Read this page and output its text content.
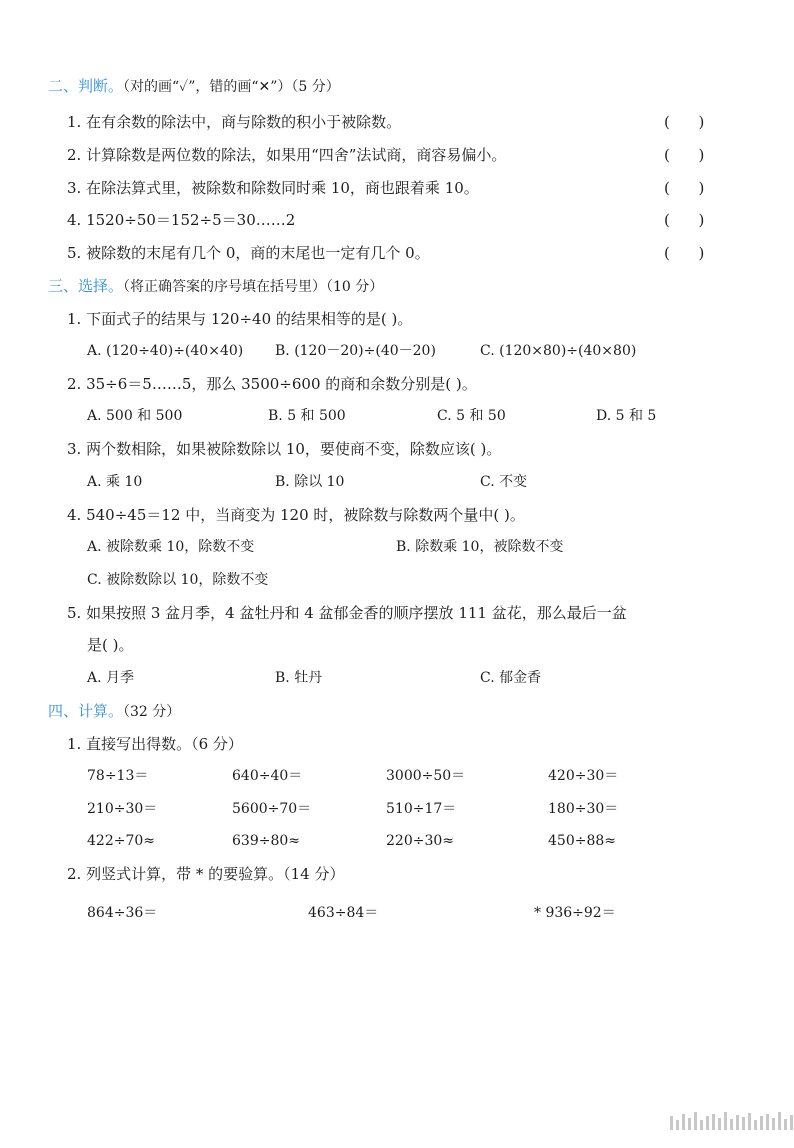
二、判断。（对的画“✓”，错的画“✕”）（5 分）
1. 在有余数的除法中，商与除数的积小于被除数。	(      )
2. 计算除数是两位数的除法，如果用“四舍”法试商，商容易偏小。	(      )
3. 在除法算式里，被除数和除数同时乘 10，商也跟着乘 10。	(      )
4. 1520÷50＝152÷5＝30……2	(      )
5. 被除数的末尾有几个 0，商的末尾也一定有几个 0。	(      )
三、选择。（将正确答案的序号填在括号里）（10 分）
1. 下面式子的结果与 120÷40 的结果相等的是( )。
A. (120÷40)÷(40×40) B. (120－20)÷(40－20)	C. (120×80)÷(40×80)
2. 35÷6＝5……5，那么 3500÷600 的商和余数分别是( )。
A. 500 和 500	B. 5 和 500	C. 5 和 50	D. 5 和 5
3. 两个数相除，如果被除数除以 10，要使商不变，除数应该( )。
A. 乘 10	B. 除以 10	C. 不变
4. 540÷45＝12 中，当商变为 120 时，被除数与除数两个量中( )。
A. 被除数乘 10，除数不变	B. 除数乘 10，被除数不变
C. 被除数除以 10，除数不变
5. 如果按照 3 盆月季，4 盆牡丹和 4 盆郁金香的顺序摆放 111 盆花，那么最后一盆
是( )。
A. 月季	B. 牡丹	C. 郁金香
四、计算。（32 分）
1. 直接写出得数。（6 分）
78÷13＝	640÷40＝	3000÷50＝	420÷30＝
210÷30＝	5600÷70＝	510÷17＝	180÷30＝
422÷70≈	639÷80≈	220÷30≈	450÷88≈
2. 列竖式计算，带 * 的要验算。（14 分）
864÷36＝	463÷84＝	* 936÷92＝
